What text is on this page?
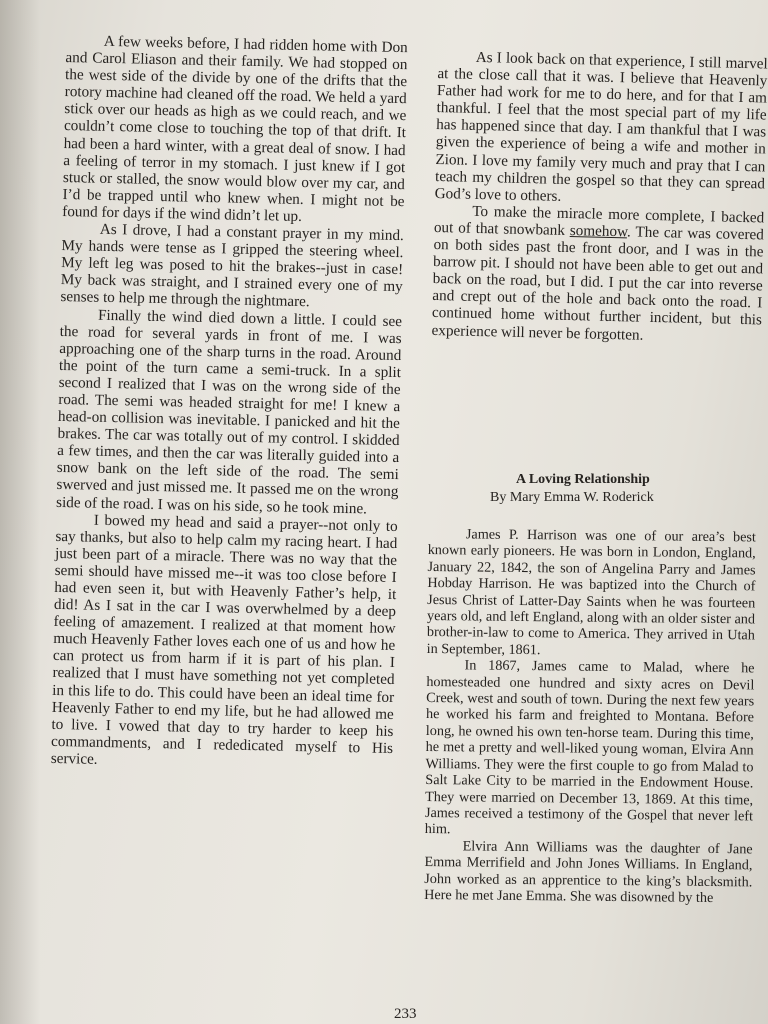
A few weeks before, I had ridden home with Don and Carol Eliason and their family. We had stopped on the west side of the divide by one of the drifts that the rotory machine had cleaned off the road. We held a yard stick over our heads as high as we could reach, and we couldn’t come close to touching the top of that drift. It had been a hard winter, with a great deal of snow. I had a feeling of terror in my stomach. I just knew if I got stuck or stalled, the snow would blow over my car, and I’d be trapped until who knew when. I might not be found for days if the wind didn’t let up.

As I drove, I had a constant prayer in my mind. My hands were tense as I gripped the steering wheel. My left leg was posed to hit the brakes--just in case! My back was straight, and I strained every one of my senses to help me through the nightmare.

Finally the wind died down a little. I could see the road for several yards in front of me. I was approaching one of the sharp turns in the road. Around the point of the turn came a semi-truck. In a split second I realized that I was on the wrong side of the road. The semi was headed straight for me! I knew a head-on collision was inevitable. I panicked and hit the brakes. The car was totally out of my control. I skidded a few times, and then the car was literally guided into a snow bank on the left side of the road. The semi swerved and just missed me. It passed me on the wrong side of the road. I was on his side, so he took mine.

I bowed my head and said a prayer--not only to say thanks, but also to help calm my racing heart. I had just been part of a miracle. There was no way that the semi should have missed me--it was too close before I had even seen it, but with Heavenly Father’s help, it did! As I sat in the car I was overwhelmed by a deep feeling of amazement. I realized at that moment how much Heavenly Father loves each one of us and how he can protect us from harm if it is part of his plan. I realized that I must have something not yet completed in this life to do. This could have been an ideal time for Heavenly Father to end my life, but he had allowed me to live. I vowed that day to try harder to keep his commandments, and I rededicated myself to His service.

As I look back on that experience, I still marvel at the close call that it was. I believe that Heavenly Father had work for me to do here, and for that I am thankful. I feel that the most special part of my life has happened since that day. I am thankful that I was given the experience of being a wife and mother in Zion. I love my family very much and pray that I can teach my children the gospel so that they can spread God’s love to others.

To make the miracle more complete, I backed out of that snowbank somehow. The car was covered on both sides past the front door, and I was in the barrow pit. I should not have been able to get out and back on the road, but I did. I put the car into reverse and crept out of the hole and back onto the road. I continued home without further incident, but this experience will never be forgotten.

A Loving Relationship
By Mary Emma W. Roderick

James P. Harrison was one of our area’s best known early pioneers. He was born in London, England, January 22, 1842, the son of Angelina Parry and James Hobday Harrison. He was baptized into the Church of Jesus Christ of Latter-Day Saints when he was fourteen years old, and left England, along with an older sister and brother-in-law to come to America. They arrived in Utah in September, 1861.

In 1867, James came to Malad, where he homesteaded one hundred and sixty acres on Devil Creek, west and south of town. During the next few years he worked his farm and freighted to Montana. Before long, he owned his own ten-horse team. During this time, he met a pretty and well-liked young woman, Elvira Ann Williams. They were the first couple to go from Malad to Salt Lake City to be married in the Endowment House. They were married on December 13, 1869. At this time, James received a testimony of the Gospel that never left him.

Elvira Ann Williams was the daughter of Jane Emma Merrifield and John Jones Williams. In England, John worked as an apprentice to the king’s blacksmith. Here he met Jane Emma. She was disowned by the

233
